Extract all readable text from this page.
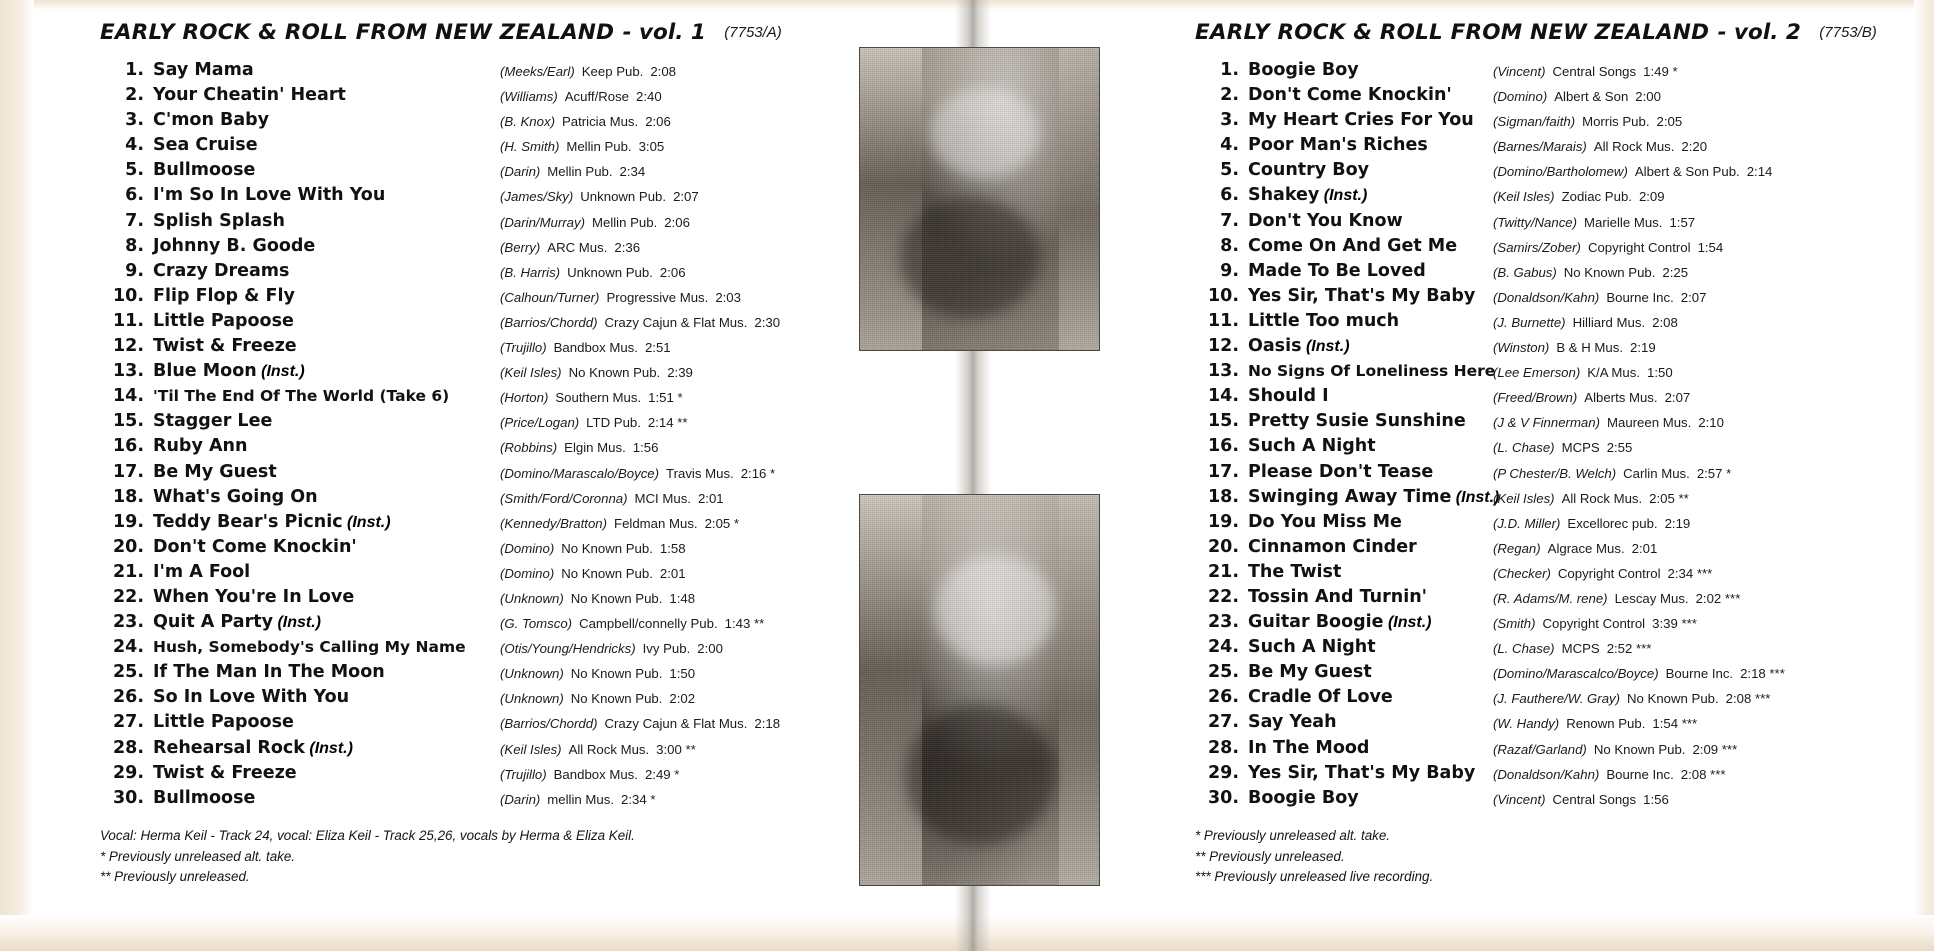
EARLY ROCK & ROLL FROM NEW ZEALAND - vol. 1 (7753/A)
1. Say Mama	(Meeks/Earl) Keep Pub. 2:08
2. Your Cheatin' Heart	(Williams) Acuff/Rose 2:40
3. C'mon Baby	(B. Knox) Patricia Mus. 2:06
4. Sea Cruise	(H. Smith) Mellin Pub. 3:05
5. Bullmoose	(Darin) Mellin Pub. 2:34
6. I'm So In Love With You	(James/Sky) Unknown Pub. 2:07
7. Splish Splash	(Darin/Murray) Mellin Pub. 2:06
8. Johnny B. Goode	(Berry) ARC Mus. 2:36
9. Crazy Dreams	(B. Harris) Unknown Pub. 2:06
10. Flip Flop & Fly	(Calhoun/Turner) Progressive Mus. 2:03
11. Little Papoose	(Barrios/Chordd) Crazy Cajun & Flat Mus. 2:30
12. Twist & Freeze	(Trujillo) Bandbox Mus. 2:51
13. Blue Moon (Inst.)	(Keil Isles) No Known Pub. 2:39
14. 'Til The End Of The World (Take 6)	(Horton) Southern Mus. 1:51 *
15. Stagger Lee	(Price/Logan) LTD Pub. 2:14 **
16. Ruby Ann	(Robbins) Elgin Mus. 1:56
17. Be My Guest	(Domino/Marascalo/Boyce) Travis Mus. 2:16 *
18. What's Going On	(Smith/Ford/Coronna) MCI Mus. 2:01
19. Teddy Bear's Picnic (Inst.)	(Kennedy/Bratton) Feldman Mus. 2:05 *
20. Don't Come Knockin'	(Domino) No Known Pub. 1:58
21. I'm A Fool	(Domino) No Known Pub. 2:01
22. When You're In Love	(Unknown) No Known Pub. 1:48
23. Quit A Party (Inst.)	(G. Tomsco) Campbell/connelly Pub. 1:43 **
24. Hush, Somebody's Calling My Name	(Otis/Young/Hendricks) Ivy Pub. 2:00
25. If The Man In The Moon	(Unknown) No Known Pub. 1:50
26. So In Love With You	(Unknown) No Known Pub. 2:02
27. Little Papoose	(Barrios/Chordd) Crazy Cajun & Flat Mus. 2:18
28. Rehearsal Rock (Inst.)	(Keil Isles) All Rock Mus. 3:00 **
29. Twist & Freeze	(Trujillo) Bandbox Mus. 2:49 *
30. Bullmoose	(Darin) mellin Mus. 2:34 *
Vocal: Herma Keil - Track 24, vocal: Eliza Keil - Track 25,26, vocals by Herma & Eliza Keil.
* Previously unreleased alt. take.
** Previously unreleased.
EARLY ROCK & ROLL FROM NEW ZEALAND - vol. 2 (7753/B)
1. Boogie Boy	(Vincent) Central Songs 1:49 *
2. Don't Come Knockin'	(Domino) Albert & Son 2:00
3. My Heart Cries For You (Sigman/faith) Morris Pub. 2:05
4. Poor Man's Riches	(Barnes/Marais) All Rock Mus. 2:20
5. Country Boy	(Domino/Bartholomew) Albert & Son Pub. 2:14
6. Shakey (Inst.)	(Keil Isles) Zodiac Pub. 2:09
7. Don't You Know	(Twitty/Nance) Marielle Mus. 1:57
8. Come On And Get Me	(Samirs/Zober) Copyright Control 1:54
9. Made To Be Loved	(B. Gabus) No Known Pub. 2:25
10. Yes Sir, That's My Baby (Donaldson/Kahn) Bourne Inc. 2:07
11. Little Too much	(J. Burnette) Hilliard Mus. 2:08
12. Oasis (Inst.)	(Winston) B & H Mus. 2:19
13. No Signs Of Loneliness Here
(Lee Emerson) K/A Mus. 1:50
14. Should I	(Freed/Brown) Alberts Mus. 2:07
15. Pretty Susie Sunshine (J & V Finnerman) Maureen Mus. 2:10
16. Such A Night	(L. Chase) MCPS 2:55
17. Please Don't Tease	(P Chester/B. Welch) Carlin Mus. 2:57 *
18. Swinging Away Time (Inst.)
(Keil Isles) All Rock Mus. 2:05 **
19. Do You Miss Me	(J.D. Miller) Excellorec pub. 2:19
20. Cinnamon Cinder	(Regan) Algrace Mus. 2:01
21. The Twist	(Checker) Copyright Control 2:34 ***
22. Tossin And Turnin'	(R. Adams/M. rene) Lescay Mus. 2:02 ***
23. Guitar Boogie (Inst.)	(Smith) Copyright Control 3:39 ***
24. Such A Night	(L. Chase) MCPS 2:52 ***
25. Be My Guest	(Domino/Marascalco/Boyce) Bourne Inc. 2:18 ***
26. Cradle Of Love	(J. Fauthere/W. Gray) No Known Pub. 2:08 ***
27. Say Yeah	(W. Handy) Renown Pub. 1:54 ***
28. In The Mood	(Razaf/Garland) No Known Pub. 2:09 ***
29. Yes Sir, That's My Baby (Donaldson/Kahn) Bourne Inc. 2:08 ***
30. Boogie Boy	(Vincent) Central Songs 1:56
* Previously unreleased alt. take.
** Previously unreleased.
*** Previously unreleased live recording.
